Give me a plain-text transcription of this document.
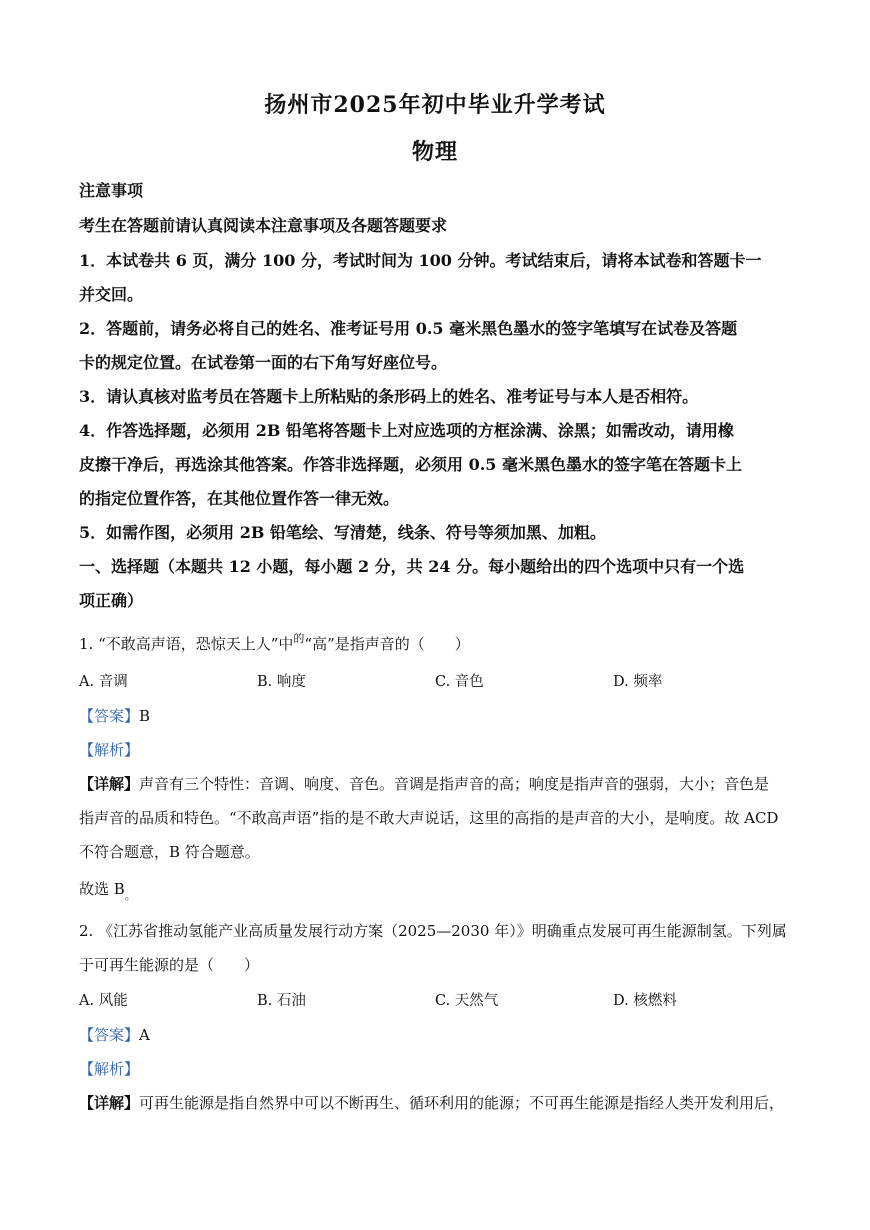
扬州市2025年初中毕业升学考试
物理
注意事项
考生在答题前请认真阅读本注意事项及各题答题要求
1．本试卷共 6 页，满分 100 分，考试时间为 100 分钟。考试结束后，请将本试卷和答题卡一
并交回。
2．答题前，请务必将自己的姓名、准考证号用 0.5 毫米黑色墨水的签字笔填写在试卷及答题
卡的规定位置。在试卷第一面的右下角写好座位号。
3．请认真核对监考员在答题卡上所粘贴的条形码上的姓名、准考证号与本人是否相符。
4．作答选择题，必须用 2B 铅笔将答题卡上对应选项的方框涂满、涂黑；如需改动，请用橡
皮擦干净后，再选涂其他答案。作答非选择题，必须用 0.5 毫米黑色墨水的签字笔在答题卡上
的指定位置作答，在其他位置作答一律无效。
5．如需作图，必须用 2B 铅笔绘、写清楚，线条、符号等须加黑、加粗。
一、选择题（本题共 12 小题，每小题 2 分，共 24 分。每小题给出的四个选项中只有一个选
项正确）
1. “不敢高声语，恐惊天上人”中$^的$“高”是指声音的（　　）
A. 音调	B. 响度	C. 音色	D. 频率
【答案】B
【解析】
【详解】声音有三个特性：音调、响度、音色。音调是指声音的高；响度是指声音的强弱，大小；音色是
指声音的品质和特色。“不敢高声语”指的是不敢大声说话，这里的高指的是声音的大小，是响度。故 ACD
不符合题意，B 符合题意。
故选 $B_。$
2. 《江苏省推动氢能产业高质量发展行动方案（2025—2030 年）》明确重点发展可再生能源制氢。下列属
于可再生能源的是（　　）
A. 风能	B. 石油	C. 天然气	D. 核燃料
【答案】A
【解析】
【详解】可再生能源是指自然界中可以不断再生、循环利用的能源；不可再生能源是指经人类开发利用后，
